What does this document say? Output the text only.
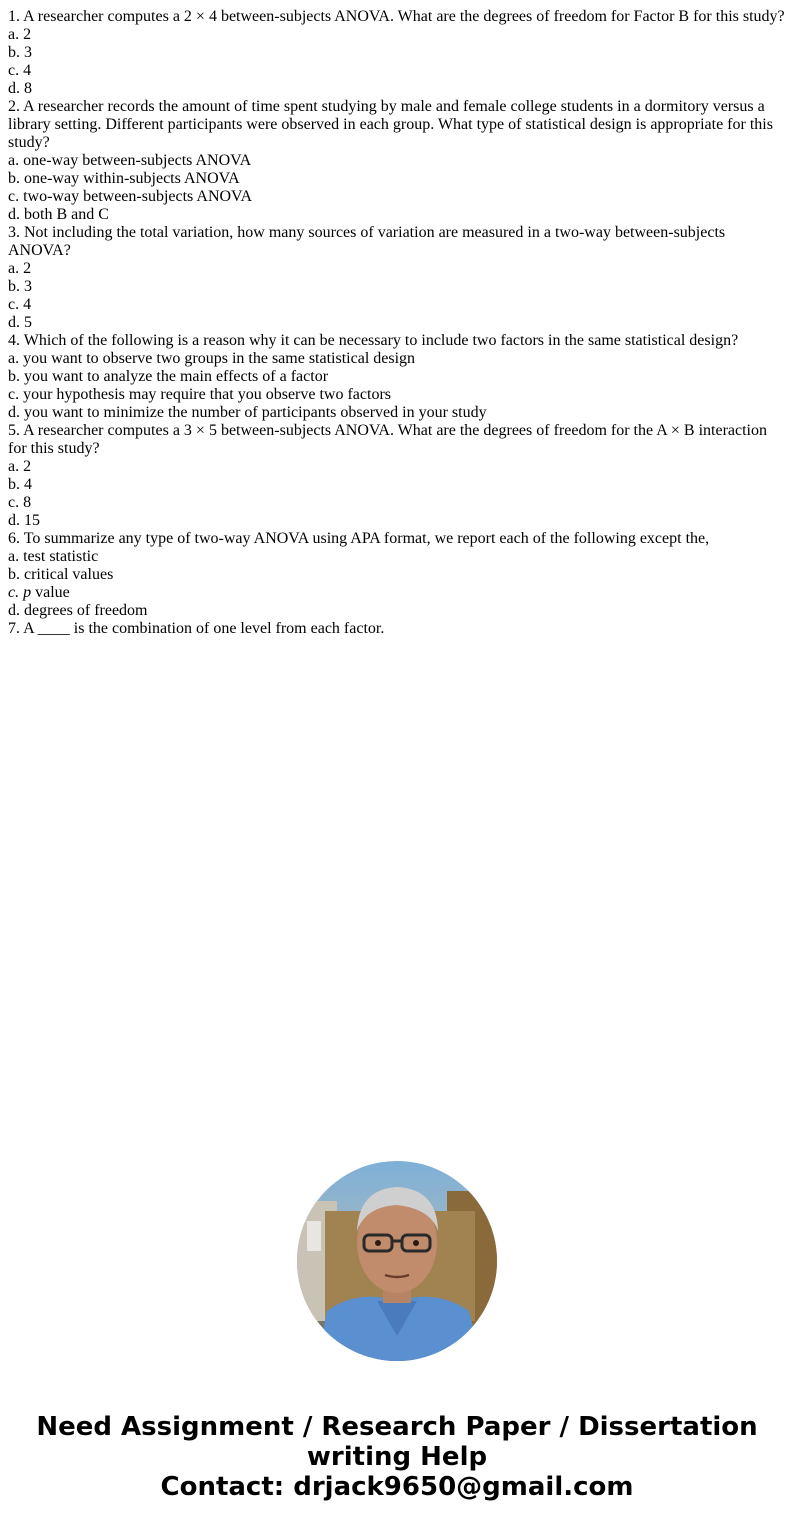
1. A researcher computes a 2 × 4 between-subjects ANOVA. What are the degrees of freedom for Factor B for this study?

a. 2

b. 3

c. 4

d. 8

2. A researcher records the amount of time spent studying by male and female college students in a dormitory versus a library setting. Different participants were observed in each group. What type of statistical design is appropriate for this study?

a. one-way between-subjects ANOVA

b. one-way within-subjects ANOVA

c. two-way between-subjects ANOVA

d. both B and C

3. Not including the total variation, how many sources of variation are measured in a two-way between-subjects ANOVA?

a. 2

b. 3

c. 4

d. 5

4. Which of the following is a reason why it can be necessary to include two factors in the same statistical design?

a. you want to observe two groups in the same statistical design

b. you want to analyze the main effects of a factor

c. your hypothesis may require that you observe two factors

d. you want to minimize the number of participants observed in your study

5. A researcher computes a 3 × 5 between-subjects ANOVA. What are the degrees of freedom for the A × B interaction for this study?

a. 2

b. 4

c. 8

d. 15

6. To summarize any type of two-way ANOVA using APA format, we report each of the following except the,

a. test statistic

b. critical values

c. p value

d. degrees of freedom

7. A ____ is the combination of one level from each factor.

Need Assignment / Research Paper / Dissertation
writing Help
Contact: drjack9650@gmail.com
